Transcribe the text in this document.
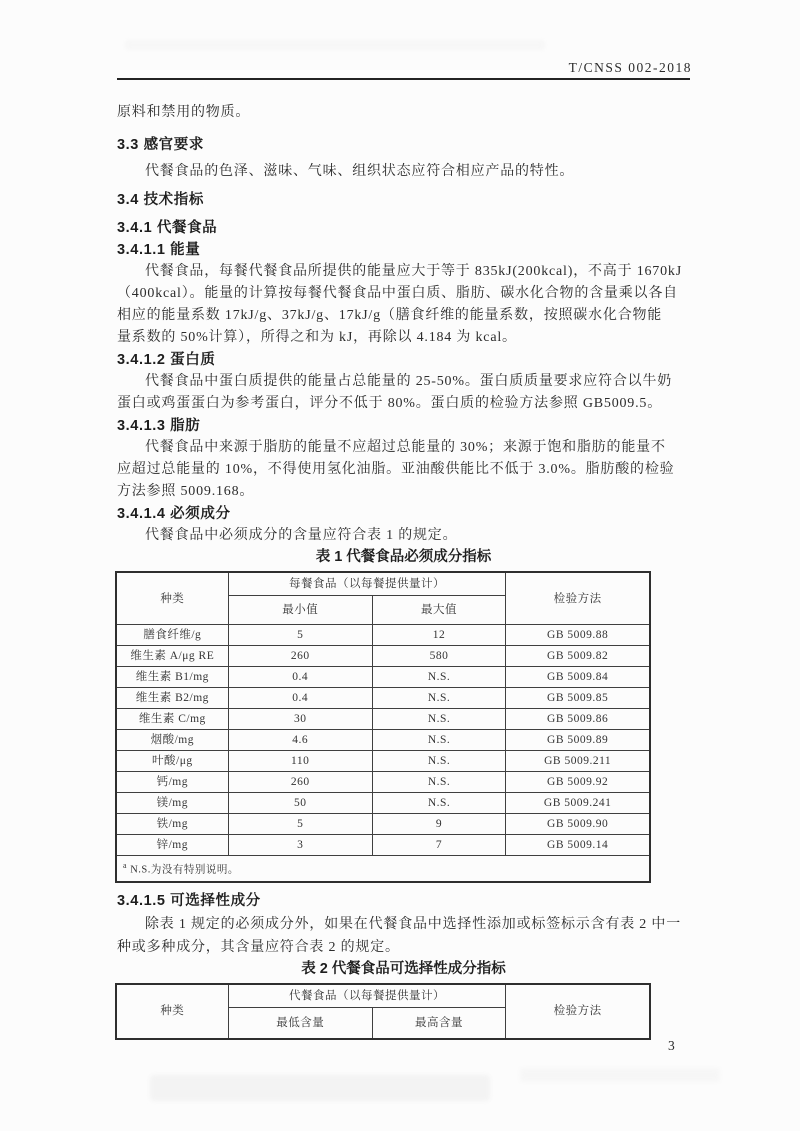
T/CNSS 002-2018
原料和禁用的物质。
3.3 感官要求
代餐食品的色泽、滋味、气味、组织状态应符合相应产品的特性。
3.4 技术指标
3.4.1 代餐食品
3.4.1.1 能量
代餐食品，每餐代餐食品所提供的能量应大于等于 835kJ(200kcal)，不高于 1670kJ
（400kcal）。能量的计算按每餐代餐食品中蛋白质、脂肪、碳水化合物的含量乘以各自
相应的能量系数 17kJ/g、37kJ/g、17kJ/g（膳食纤维的能量系数，按照碳水化合物能
量系数的 50%计算），所得之和为 kJ，再除以 4.184 为 kcal。
3.4.1.2 蛋白质
代餐食品中蛋白质提供的能量占总能量的 25-50%。蛋白质质量要求应符合以牛奶
蛋白或鸡蛋蛋白为参考蛋白，评分不低于 80%。蛋白质的检验方法参照 GB5009.5。
3.4.1.3 脂肪
代餐食品中来源于脂肪的能量不应超过总能量的 30%；来源于饱和脂肪的能量不
应超过总能量的 10%，不得使用氢化油脂。亚油酸供能比不低于 3.0%。脂肪酸的检验
方法参照 5009.168。
3.4.1.4 必须成分
代餐食品中必须成分的含量应符合表 1 的规定。
表 1 代餐食品必须成分指标
种类	每餐食品（以每餐提供量计）		检验方法
	最小值	最大值	
膳食纤维/g	5	12	GB 5009.88
维生素 A/μg RE	260	580	GB 5009.82
维生素 B1/mg	0.4	N.S.	GB 5009.84
维生素 B2/mg	0.4	N.S.	GB 5009.85
维生素 C/mg	30	N.S.	GB 5009.86
烟酸/mg	4.6	N.S.	GB 5009.89
叶酸/μg	110	N.S.	GB 5009.211
钙/mg	260	N.S.	GB 5009.92
镁/mg	50	N.S.	GB 5009.241
铁/mg	5	9	GB 5009.90
锌/mg	3	7	GB 5009.14
$^a$ N.S.为没有特别说明。			
3.4.1.5 可选择性成分
除表 1 规定的必须成分外，如果在代餐食品中选择性添加或标签标示含有表 2 中一
种或多种成分，其含量应符合表 2 的规定。
表 2 代餐食品可选择性成分指标
种类	代餐食品（以每餐提供量计）		检验方法
	最低含量	最高含量	
3
